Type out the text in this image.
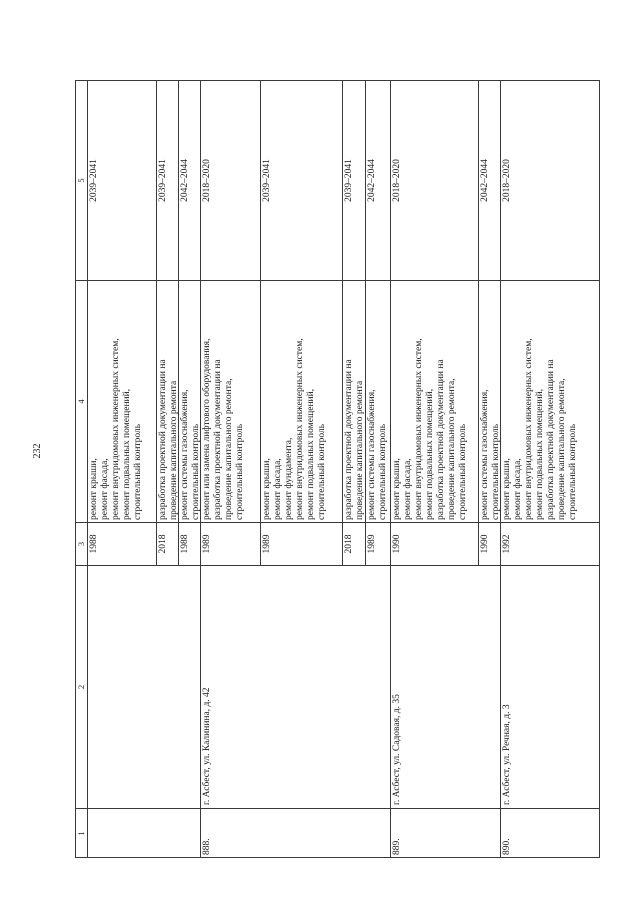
232
1
2
3
4
5
1988
ремонт крыши, ремонт фасада, ремонт внутридомовых инженерных систем, ремонт подвальных помещений, строительный контроль
2039–2041
2018
разработка проектной документации на проведение капитального ремонта
2039–2041
1988
ремонт системы газоснабжения, строительный контроль
2042–2044
888.
г. Асбест, ул. Калинина, д. 42
1989
ремонт или замена лифтового оборудования, разработка проектной документации на проведение капитального ремонта, строительный контроль
2018–2020
1989
ремонт крыши, ремонт фасада, ремонт фундамента, ремонт внутридомовых инженерных систем, ремонт подвальных помещений, строительный контроль
2039–2041
2018
разработка проектной документации на проведение капитального ремонта
2039–2041
1989
ремонт системы газоснабжения, строительный контроль
2042–2044
889.
г. Асбест, ул. Садовая, д. 35
1990
ремонт крыши, ремонт фасада, ремонт внутридомовых инженерных систем, ремонт подвальных помещений, разработка проектной документации на проведение капитального ремонта, строительный контроль
2018–2020
1990
ремонт системы газоснабжения, строительный контроль
2042–2044
890.
г. Асбест, ул. Речная, д. 3
1992
ремонт крыши, ремонт фасада, ремонт внутридомовых инженерных систем, ремонт подвальных помещений, разработка проектной документации на проведение капитального ремонта, строительный контроль
2018–2020
